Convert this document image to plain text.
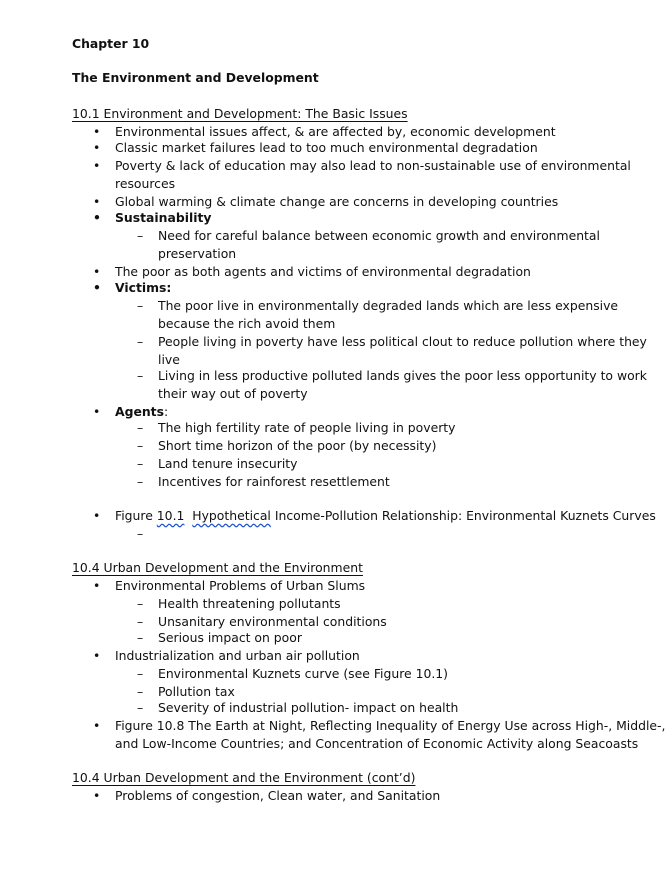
Chapter 10
The Environment and Development
10.1 Environment and Development: The Basic Issues
• Environmental issues affect, & are affected by, economic development
• Classic market failures lead to too much environmental degradation
• Poverty & lack of education may also lead to non-sustainable use of environmental
resources
• Global warming & climate change are concerns in developing countries
• Sustainability
– Need for careful balance between economic growth and environmental
preservation
• The poor as both agents and victims of environmental degradation
• Victims:
– The poor live in environmentally degraded lands which are less expensive
because the rich avoid them
– People living in poverty have less political clout to reduce pollution where they
live
– Living in less productive polluted lands gives the poor less opportunity to work
their way out of poverty
• Agents:
– The high fertility rate of people living in poverty
– Short time horizon of the poor (by necessity)
– Land tenure insecurity
– Incentives for rainforest resettlement
• Figure 10.1 Hypothetical Income-Pollution Relationship: Environmental Kuznets Curves
10.4 Urban Development and the Environment
• Environmental Problems of Urban Slums
– Health threatening pollutants
– Unsanitary environmental conditions
– Serious impact on poor
• Industrialization and urban air pollution
– Environmental Kuznets curve (see Figure 10.1)
– Pollution tax
– Severity of industrial pollution- impact on health
• Figure 10.8 The Earth at Night, Reflecting Inequality of Energy Use across High-, Middle-,
and Low-Income Countries; and Concentration of Economic Activity along Seacoasts
10.4 Urban Development and the Environment (cont’d)
• Problems of congestion, Clean water, and Sanitation
